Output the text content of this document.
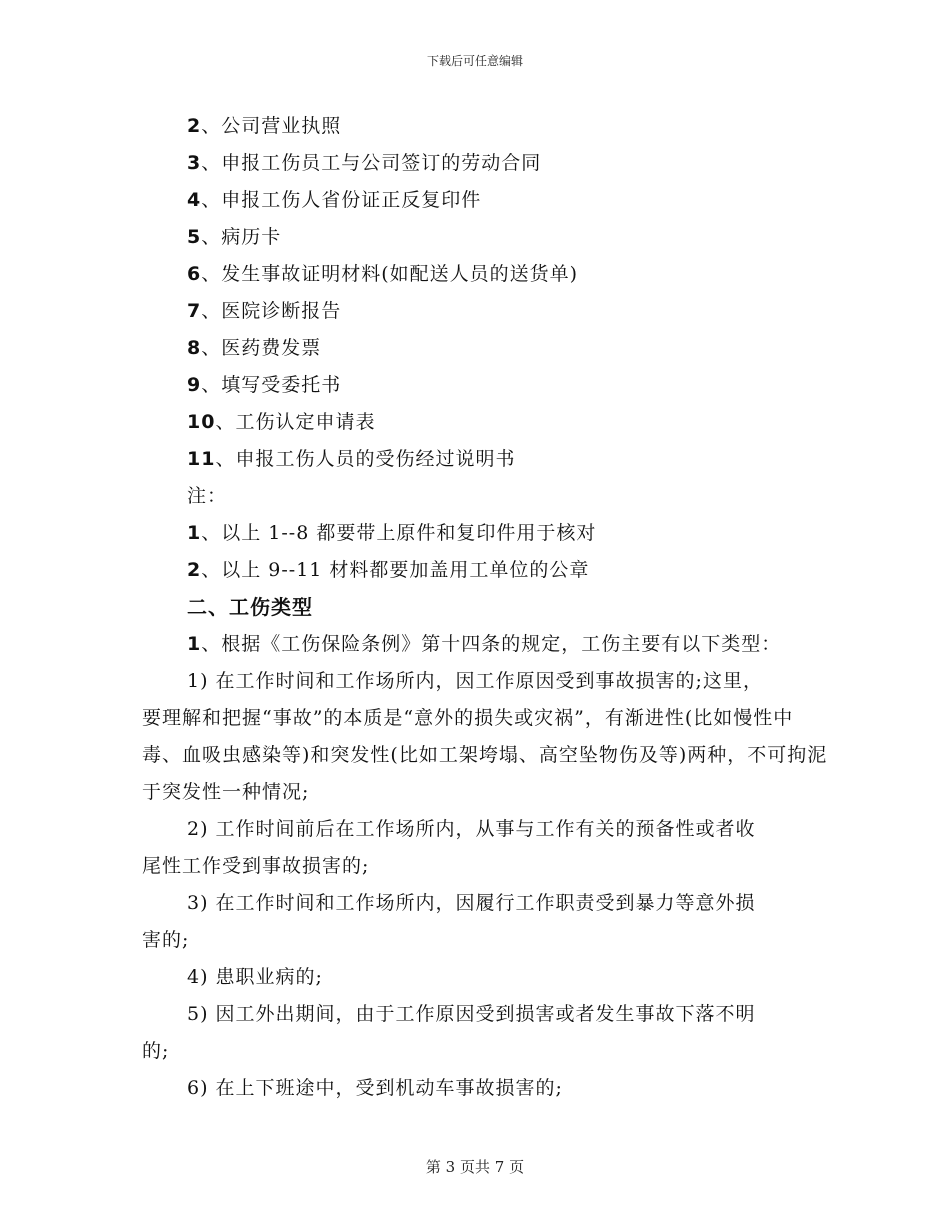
下载后可任意编辑
2、公司营业执照
3、申报工伤员工与公司签订的劳动合同
4、申报工伤人省份证正反复印件
5、病历卡
6、发生事故证明材料(如配送人员的送货单)
7、医院诊断报告
8、医药费发票
9、填写受委托书
10、工伤认定申请表
11、申报工伤人员的受伤经过说明书
注：
1、以上 1--8 都要带上原件和复印件用于核对
2、以上 9--11 材料都要加盖用工单位的公章
二、工伤类型
1、根据《工伤保险条例》第十四条的规定，工伤主要有以下类型：

1) 在工作时间和工作场所内，因工作原因受到事故损害的;这里，
要理解和把握“事故”的本质是“意外的损失或灾祸”，有渐进性(比如慢性中毒、血吸虫感染等)和突发性(比如工架垮塌、高空坠物伤及等)两种，不可拘泥于突发性一种情况;

2) 工作时间前后在工作场所内，从事与工作有关的预备性或者收
尾性工作受到事故损害的;

3) 在工作时间和工作场所内，因履行工作职责受到暴力等意外损
害的;

4) 患职业病的;

5) 因工外出期间，由于工作原因受到损害或者发生事故下落不明
的;

6) 在上下班途中，受到机动车事故损害的;

第 3 页共 7 页
